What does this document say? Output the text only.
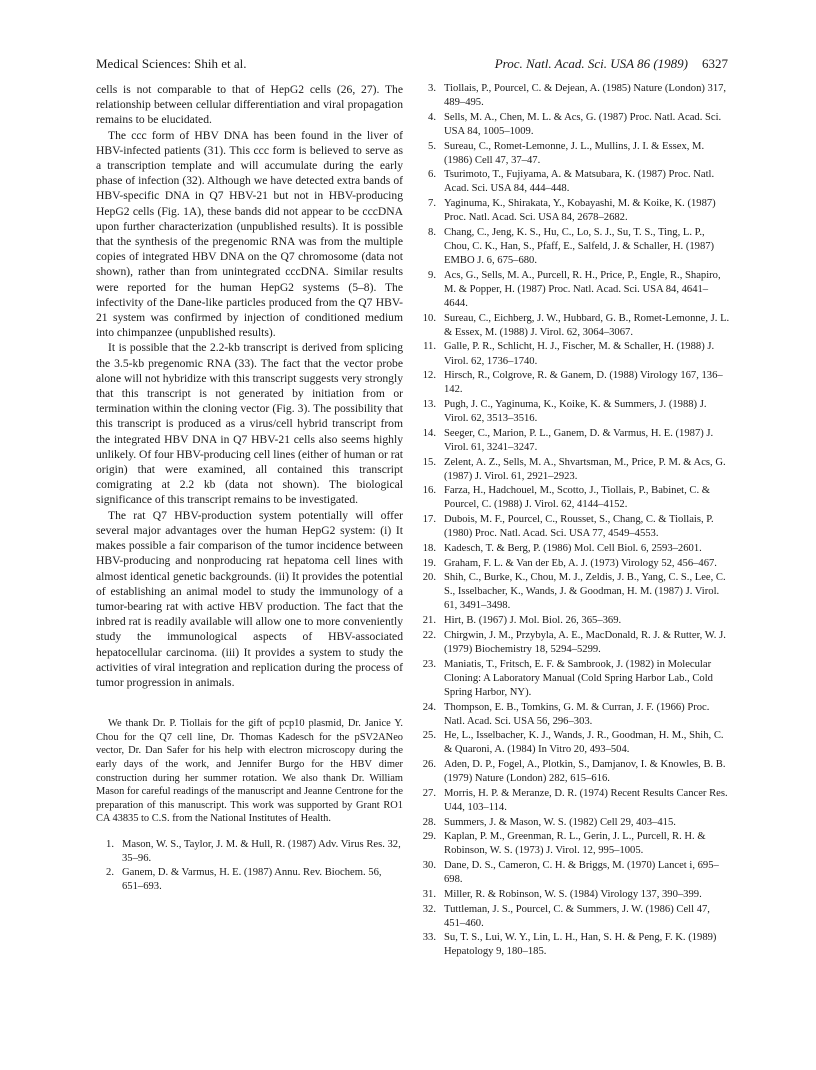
Medical Sciences: Shih et al.	Proc. Natl. Acad. Sci. USA 86 (1989) 6327

cells is not comparable to that of HepG2 cells (26, 27). The relationship between cellular differentiation and viral propagation remains to be elucidated.

The ccc form of HBV DNA has been found in the liver of HBV-infected patients (31). This ccc form is believed to serve as a transcription template and will accumulate during the early phase of infection (32). Although we have detected extra bands of HBV-specific DNA in Q7 HBV-21 but not in HBV-producing HepG2 cells (Fig. 1A), these bands did not appear to be cccDNA upon further characterization (unpublished results). It is possible that the synthesis of the pregenomic RNA was from the multiple copies of integrated HBV DNA on the Q7 chromosome (data not shown), rather than from unintegrated cccDNA. Similar results were reported for the human HepG2 systems (5–8). The infectivity of the Dane-like particles produced from the Q7 HBV-21 system was confirmed by injection of conditioned medium into chimpanzee (unpublished results).

It is possible that the 2.2-kb transcript is derived from splicing the 3.5-kb pregenomic RNA (33). The fact that the vector probe alone will not hybridize with this transcript suggests very strongly that this transcript is not generated by initiation from or termination within the cloning vector (Fig. 3). The possibility that this transcript is produced as a virus/cell hybrid transcript from the integrated HBV DNA in Q7 HBV-21 cells also seems highly unlikely. Of four HBV-producing cell lines (either of human or rat origin) that were examined, all contained this transcript comigrating at 2.2 kb (data not shown). The biological significance of this transcript remains to be investigated.

The rat Q7 HBV-production system potentially will offer several major advantages over the human HepG2 system: (i) It makes possible a fair comparison of the tumor incidence between HBV-producing and nonproducing rat hepatoma cell lines with almost identical genetic backgrounds. (ii) It provides the potential of establishing an animal model to study the immunology of a tumor-bearing rat with active HBV production. The fact that the inbred rat is readily available will allow one to more conveniently study the immunological aspects of HBV-associated hepatocellular carcinoma. (iii) It provides a system to study the activities of viral integration and replication during the process of tumor progression in animals.

We thank Dr. P. Tiollais for the gift of pcp10 plasmid, Dr. Janice Y. Chou for the Q7 cell line, Dr. Thomas Kadesch for the pSV2ANeo vector, Dr. Dan Safer for his help with electron microscopy during the early days of the work, and Jennifer Burgo for the HBV dimer construction during her summer rotation. We also thank Dr. William Mason for careful readings of the manuscript and Jeanne Centrone for the preparation of this manuscript. This work was supported by Grant RO1 CA 43835 to C.S. from the National Institutes of Health.

1. Mason, W. S., Taylor, J. M. & Hull, R. (1987) Adv. Virus Res. 32, 35–96.
2. Ganem, D. & Varmus, H. E. (1987) Annu. Rev. Biochem. 56, 651–693.
3. Tiollais, P., Pourcel, C. & Dejean, A. (1985) Nature (London) 317, 489–495.
4. Sells, M. A., Chen, M. L. & Acs, G. (1987) Proc. Natl. Acad. Sci. USA 84, 1005–1009.
5. Sureau, C., Romet-Lemonne, J. L., Mullins, J. I. & Essex, M. (1986) Cell 47, 37–47.
6. Tsurimoto, T., Fujiyama, A. & Matsubara, K. (1987) Proc. Natl. Acad. Sci. USA 84, 444–448.
7. Yaginuma, K., Shirakata, Y., Kobayashi, M. & Koike, K. (1987) Proc. Natl. Acad. Sci. USA 84, 2678–2682.
8. Chang, C., Jeng, K. S., Hu, C., Lo, S. J., Su, T. S., Ting, L. P., Chou, C. K., Han, S., Pfaff, E., Salfeld, J. & Schaller, H. (1987) EMBO J. 6, 675–680.
9. Acs, G., Sells, M. A., Purcell, R. H., Price, P., Engle, R., Shapiro, M. & Popper, H. (1987) Proc. Natl. Acad. Sci. USA 84, 4641–4644.
10. Sureau, C., Eichberg, J. W., Hubbard, G. B., Romet-Lemonne, J. L. & Essex, M. (1988) J. Virol. 62, 3064–3067.
11. Galle, P. R., Schlicht, H. J., Fischer, M. & Schaller, H. (1988) J. Virol. 62, 1736–1740.
12. Hirsch, R., Colgrove, R. & Ganem, D. (1988) Virology 167, 136–142.
13. Pugh, J. C., Yaginuma, K., Koike, K. & Summers, J. (1988) J. Virol. 62, 3513–3516.
14. Seeger, C., Marion, P. L., Ganem, D. & Varmus, H. E. (1987) J. Virol. 61, 3241–3247.
15. Zelent, A. Z., Sells, M. A., Shvartsman, M., Price, P. M. & Acs, G. (1987) J. Virol. 61, 2921–2923.
16. Farza, H., Hadchouel, M., Scotto, J., Tiollais, P., Babinet, C. & Pourcel, C. (1988) J. Virol. 62, 4144–4152.
17. Dubois, M. F., Pourcel, C., Rousset, S., Chang, C. & Tiollais, P. (1980) Proc. Natl. Acad. Sci. USA 77, 4549–4553.
18. Kadesch, T. & Berg, P. (1986) Mol. Cell Biol. 6, 2593–2601.
19. Graham, F. L. & Van der Eb, A. J. (1973) Virology 52, 456–467.
20. Shih, C., Burke, K., Chou, M. J., Zeldis, J. B., Yang, C. S., Lee, C. S., Isselbacher, K., Wands, J. & Goodman, H. M. (1987) J. Virol. 61, 3491–3498.
21. Hirt, B. (1967) J. Mol. Biol. 26, 365–369.
22. Chirgwin, J. M., Przybyla, A. E., MacDonald, R. J. & Rutter, W. J. (1979) Biochemistry 18, 5294–5299.
23. Maniatis, T., Fritsch, E. F. & Sambrook, J. (1982) in Molecular Cloning: A Laboratory Manual (Cold Spring Harbor Lab., Cold Spring Harbor, NY).
24. Thompson, E. B., Tomkins, G. M. & Curran, J. F. (1966) Proc. Natl. Acad. Sci. USA 56, 296–303.
25. He, L., Isselbacher, K. J., Wands, J. R., Goodman, H. M., Shih, C. & Quaroni, A. (1984) In Vitro 20, 493–504.
26. Aden, D. P., Fogel, A., Plotkin, S., Damjanov, I. & Knowles, B. B. (1979) Nature (London) 282, 615–616.
27. Morris, H. P. & Meranze, D. R. (1974) Recent Results Cancer Res. U44, 103–114.
28. Summers, J. & Mason, W. S. (1982) Cell 29, 403–415.
29. Kaplan, P. M., Greenman, R. L., Gerin, J. L., Purcell, R. H. & Robinson, W. S. (1973) J. Virol. 12, 995–1005.
30. Dane, D. S., Cameron, C. H. & Briggs, M. (1970) Lancet i, 695–698.
31. Miller, R. & Robinson, W. S. (1984) Virology 137, 390–399.
32. Tuttleman, J. S., Pourcel, C. & Summers, J. W. (1986) Cell 47, 451–460.
33. Su, T. S., Lui, W. Y., Lin, L. H., Han, S. H. & Peng, F. K. (1989) Hepatology 9, 180–185.
